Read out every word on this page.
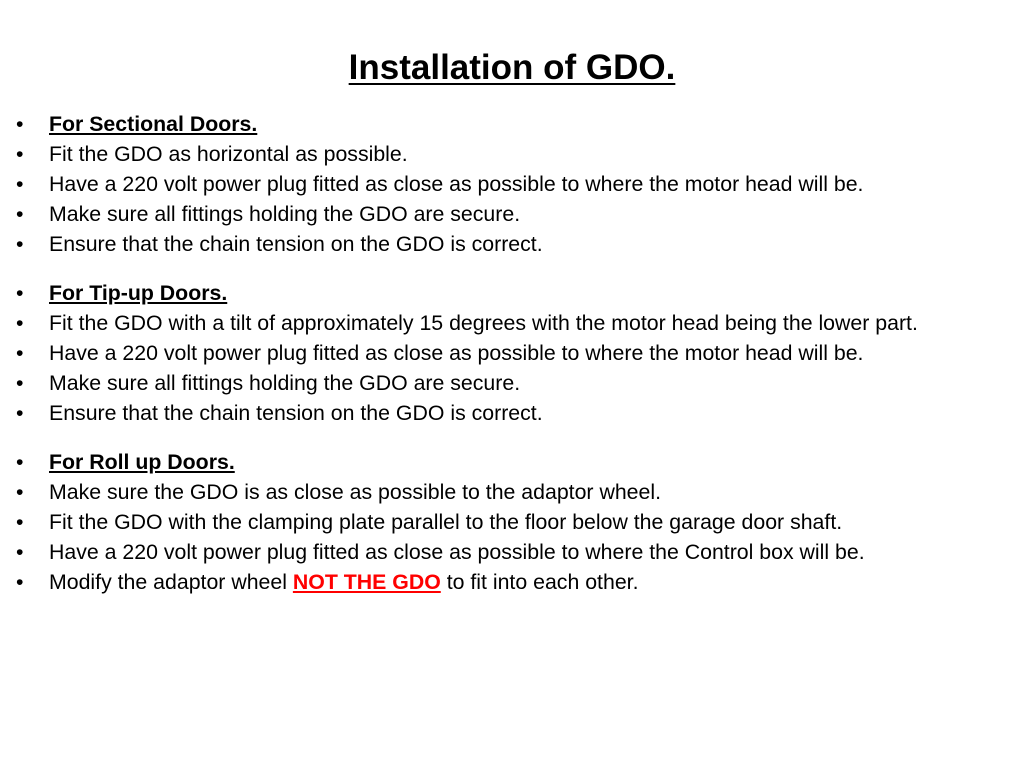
Installation of GDO.
• For Sectional Doors.
• Fit the GDO as horizontal as possible.
• Have a 220 volt power plug fitted as close as possible to where the motor head will be.
• Make sure all fittings holding the GDO are secure.
• Ensure that the chain tension on the GDO is correct.
• For Tip-up Doors.
• Fit the GDO with a tilt of approximately 15 degrees with the motor head being the lower part.
• Have a 220 volt power plug fitted as close as possible to where the motor head will be.
• Make sure all fittings holding the GDO are secure.
• Ensure that the chain tension on the GDO is correct.
• For Roll up Doors.
• Make sure the GDO is as close as possible to the adaptor wheel.
• Fit the GDO with the clamping plate parallel to the floor below the garage door shaft.
• Have a 220 volt power plug fitted as close as possible to where the Control box will be.
• Modify the adaptor wheel NOT THE GDO to fit into each other.
